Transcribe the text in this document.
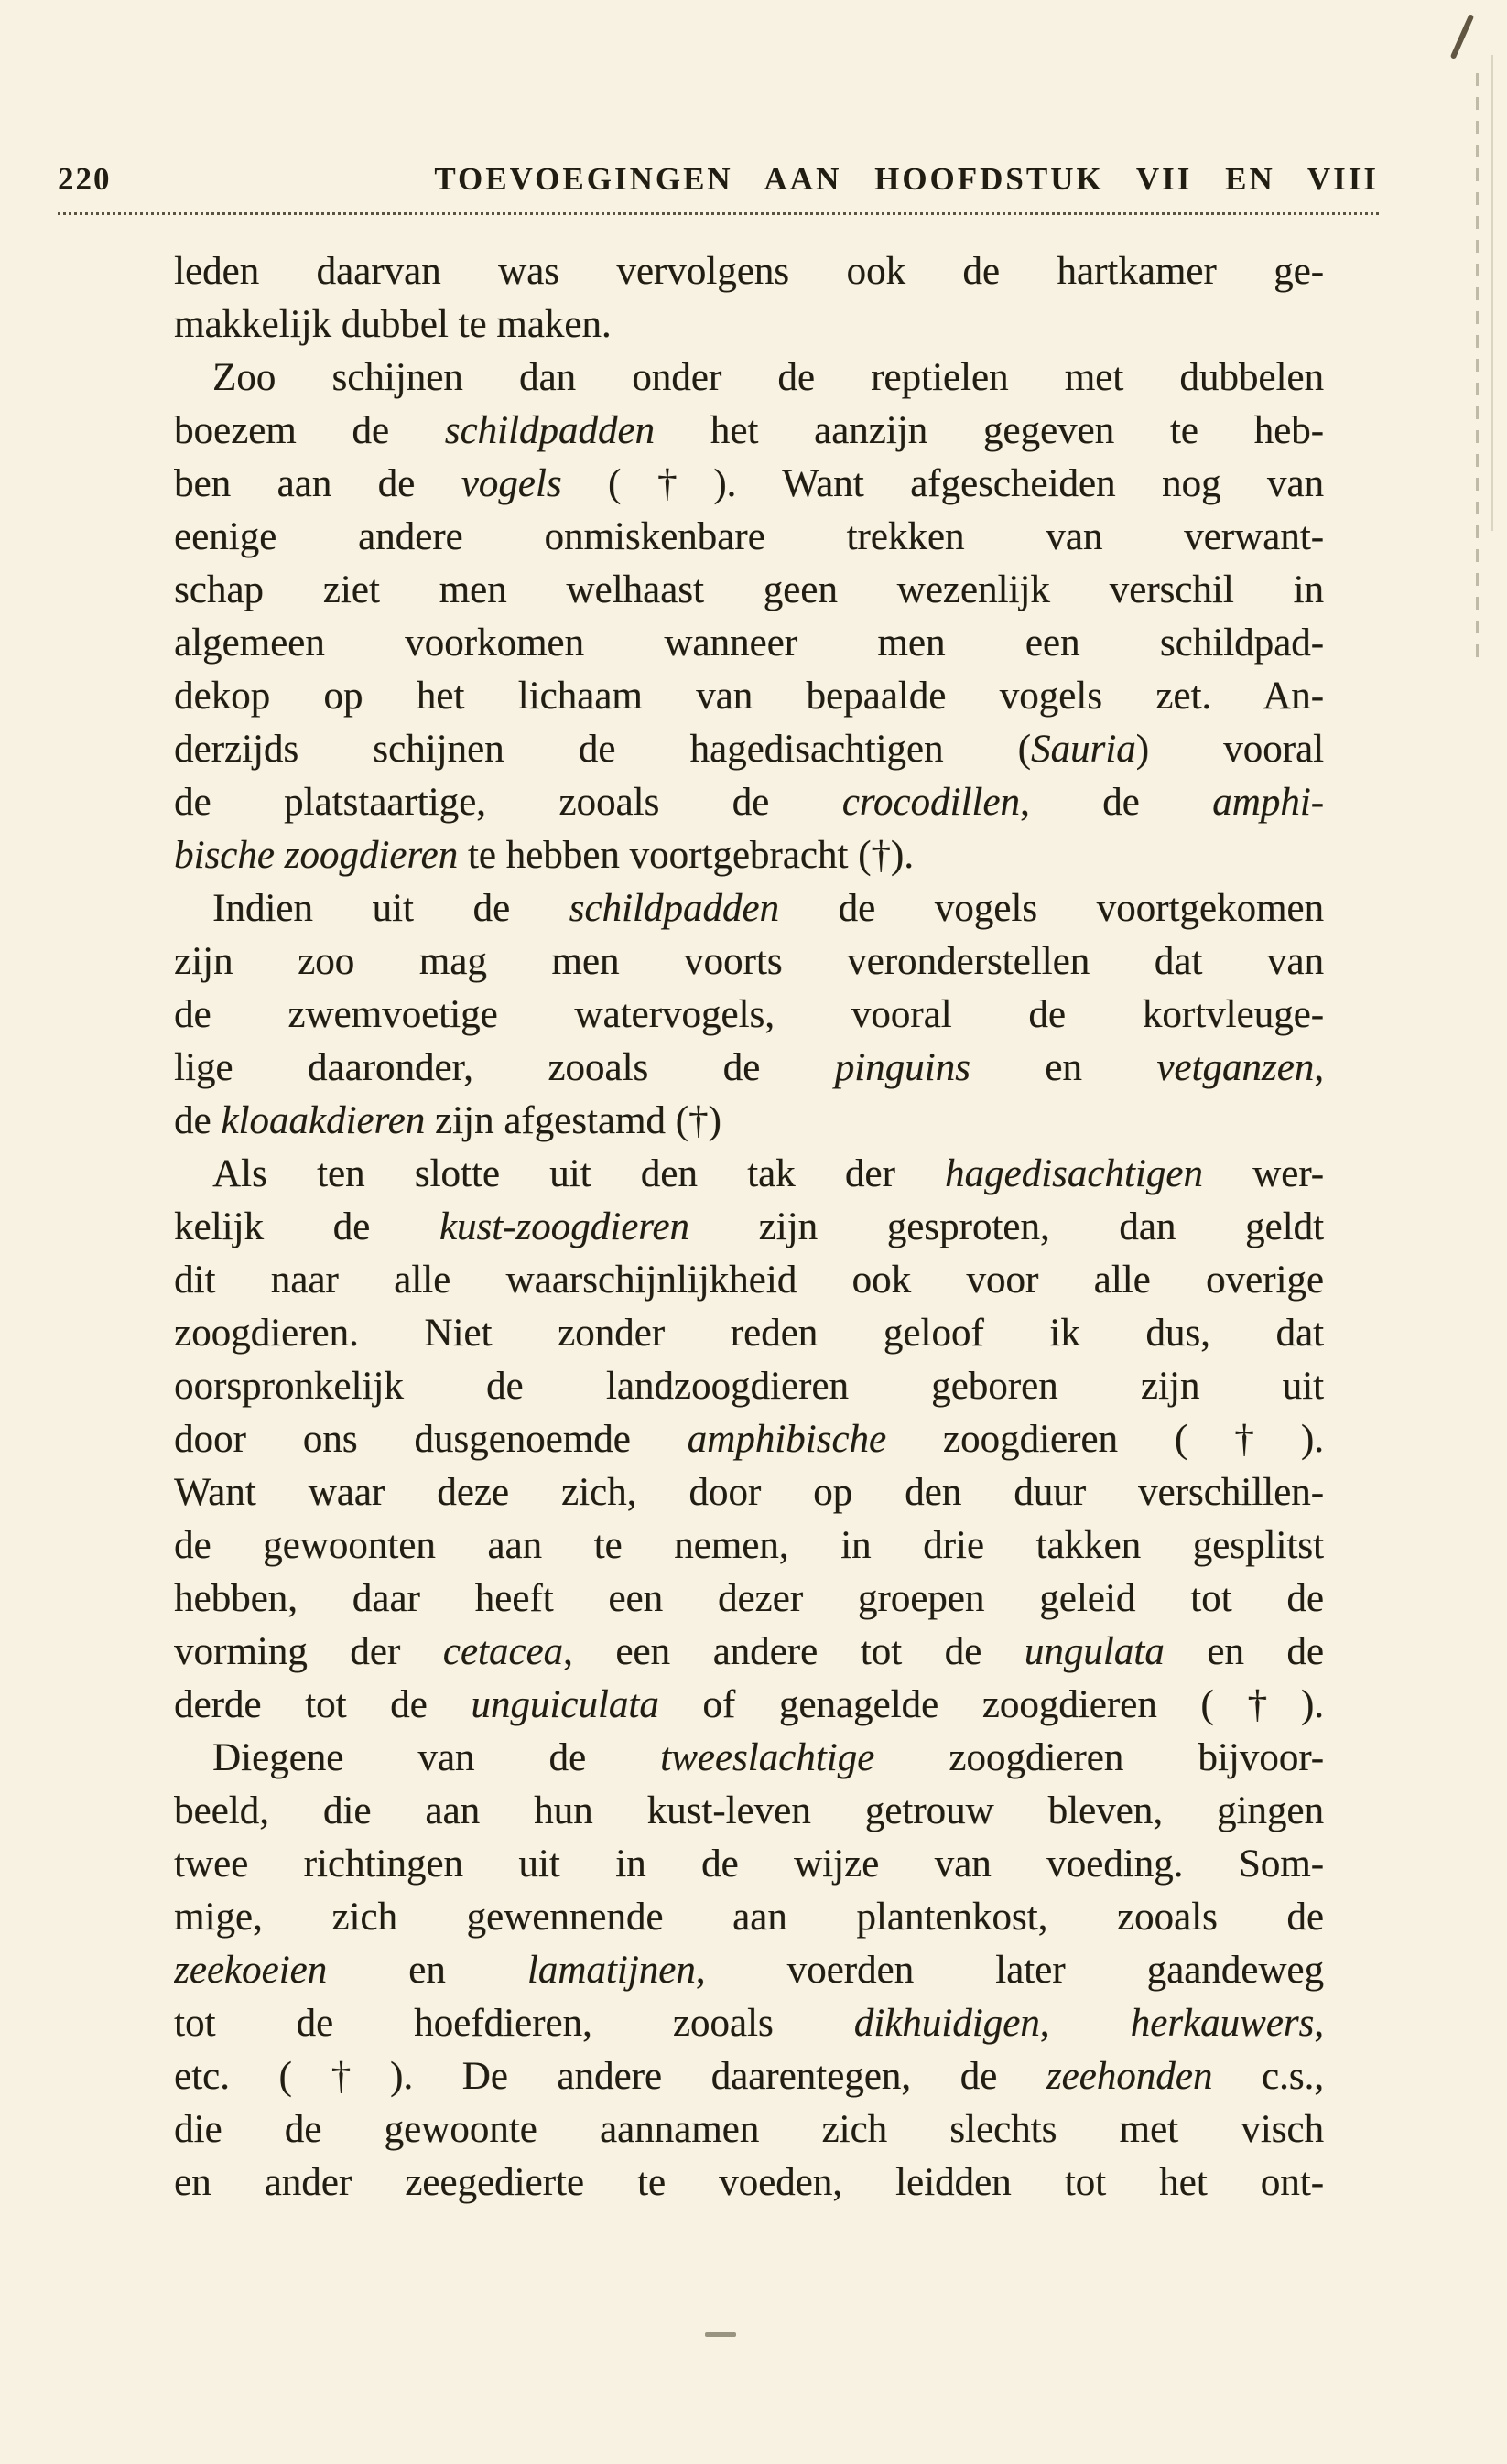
220	TOEVOEGINGEN AAN HOOFDSTUK VII EN VIII
leden daarvan was vervolgens ook de hartkamer ge-
makkelijk dubbel te maken.
Zoo schijnen dan onder de reptielen met dubbelen
boezem de schildpadden het aanzijn gegeven te heb-
ben aan de vogels (†). Want afgescheiden nog van
eenige andere onmiskenbare trekken van verwant-
schap ziet men welhaast geen wezenlijk verschil in
algemeen voorkomen wanneer men een schildpad-
dekop op het lichaam van bepaalde vogels zet. An-
derzijds schijnen de hagedisachtigen (Sauria) vooral
de platstaartige, zooals de crocodillen, de amphi-
bische zoogdieren te hebben voortgebracht (†).
Indien uit de schildpadden de vogels voortgekomen
zijn zoo mag men voorts veronderstellen dat van
de zwemvoetige watervogels, vooral de kortvleuge-
lige daaronder, zooals de pinguins en vetganzen,
de kloaakdieren zijn afgestamd (†)
Als ten slotte uit den tak der hagedisachtigen wer-
kelijk de kust-zoogdieren zijn gesproten, dan geldt
dit naar alle waarschijnlijkheid ook voor alle overige
zoogdieren. Niet zonder reden geloof ik dus, dat
oorspronkelijk de landzoogdieren geboren zijn uit
door ons dusgenoemde amphibische zoogdieren (†).
Want waar deze zich, door op den duur verschillen-
de gewoonten aan te nemen, in drie takken gesplitst
hebben, daar heeft een dezer groepen geleid tot de
vorming der cetacea, een andere tot de ungulata en de
derde tot de unguiculata of genagelde zoogdieren (†).
Diegene van de tweeslachtige zoogdieren bijvoor-
beeld, die aan hun kust-leven getrouw bleven, gingen
twee richtingen uit in de wijze van voeding. Som-
mige, zich gewennende aan plantenkost, zooals de
zeekoeien en lamatijnen, voerden later gaandeweg
tot de hoefdieren, zooals dikhuidigen, herkauwers,
etc. (†). De andere daarentegen, de zeehonden c.s.,
die de gewoonte aannamen zich slechts met visch
en ander zeegedierte te voeden, leidden tot het ont-
